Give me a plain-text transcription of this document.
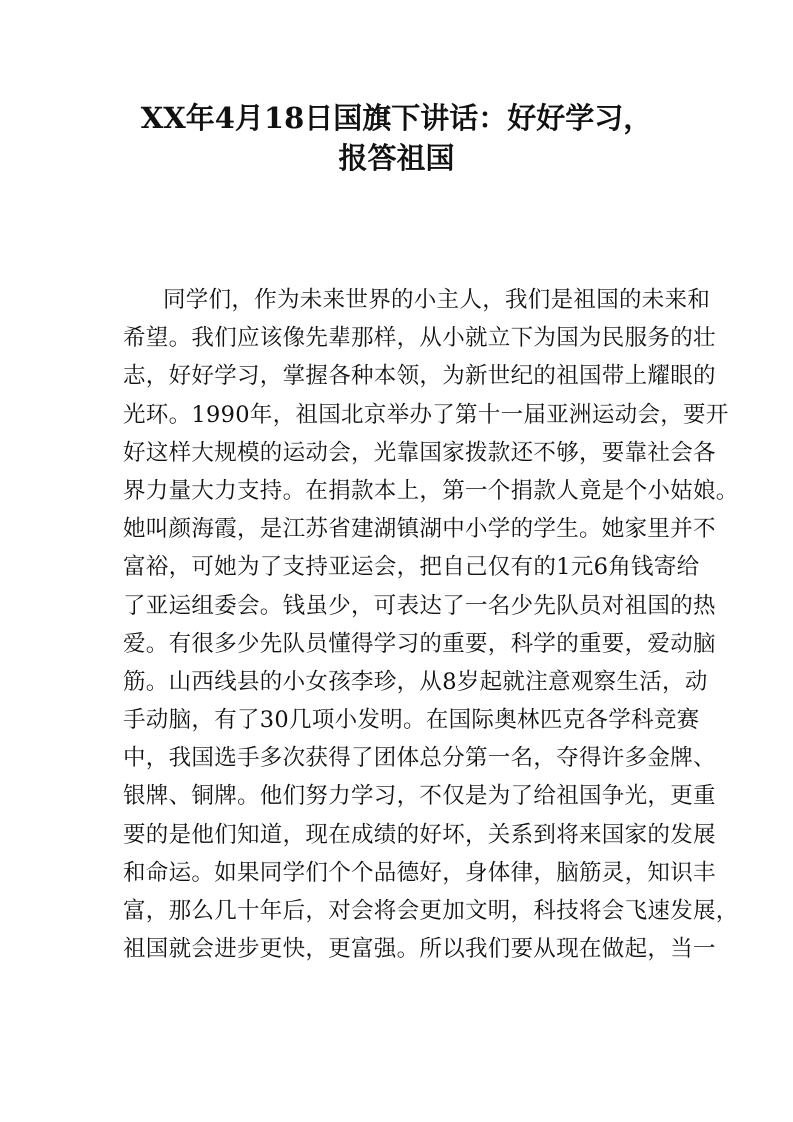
XX年4月18日国旗下讲话：好好学习，
报答祖国
同学们，作为未来世界的小主人，我们是祖国的未来和
希望。我们应该像先辈那样，从小就立下为国为民服务的壮
志，好好学习，掌握各种本领，为新世纪的祖国带上耀眼的
光环。1990年，祖国北京举办了第十一届亚洲运动会，要开
好这样大规模的运动会，光靠国家拨款还不够，要靠社会各
界力量大力支持。在捐款本上，第一个捐款人竟是个小姑娘。
她叫颜海霞，是江苏省建湖镇湖中小学的学生。她家里并不
富裕，可她为了支持亚运会，把自己仅有的1元6角钱寄给
了亚运组委会。钱虽少，可表达了一名少先队员对祖国的热
爱。有很多少先队员懂得学习的重要，科学的重要，爱动脑
筋。山西线县的小女孩李珍，从8岁起就注意观察生活，动
手动脑，有了30几项小发明。在国际奥林匹克各学科竞赛
中，我国选手多次获得了团体总分第一名，夺得许多金牌、
银牌、铜牌。他们努力学习，不仅是为了给祖国争光，更重
要的是他们知道，现在成绩的好坏，关系到将来国家的发展
和命运。如果同学们个个品德好，身体律，脑筋灵，知识丰
富，那么几十年后，对会将会更加文明，科技将会飞速发展，
祖国就会进步更快，更富强。所以我们要从现在做起，当一
